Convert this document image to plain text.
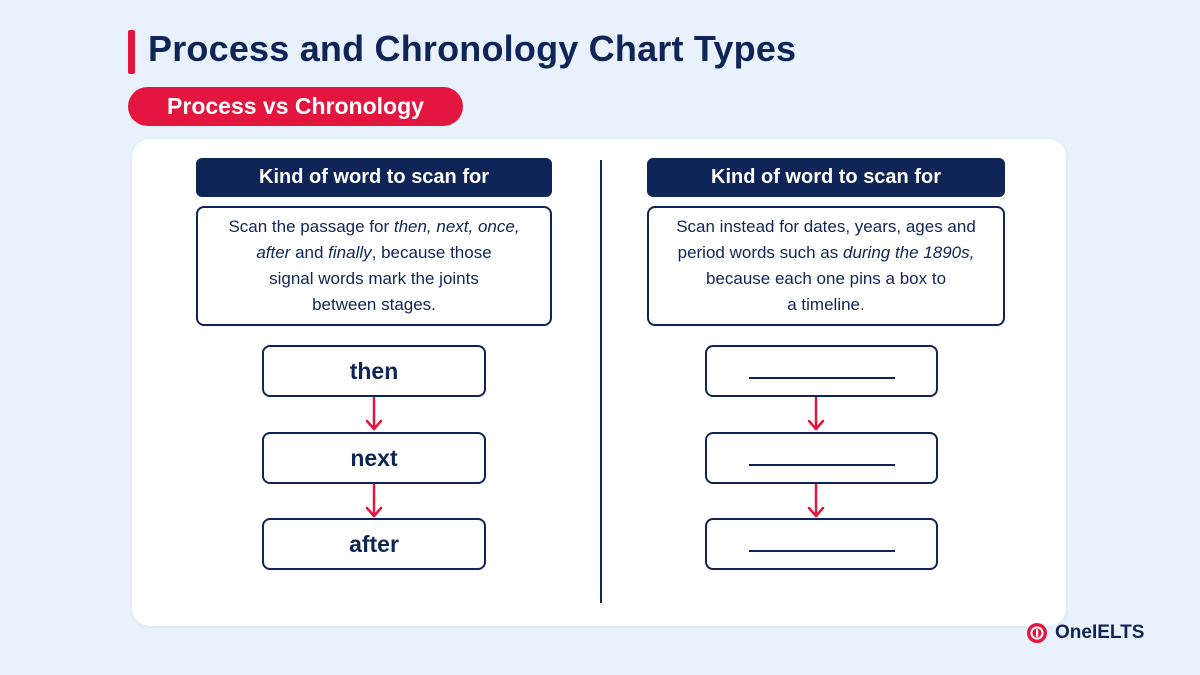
Process and Chronology Chart Types
Process vs Chronology
Kind of word to scan for

Scan the passage for then, next, once,
after and finally, because those
signal words mark the joints
between stages.

then
next
after
Kind of word to scan for

Scan instead for dates, years, ages and
period words such as during the 1890s,
because each one pins a box to
a timeline.

OneIELTS
